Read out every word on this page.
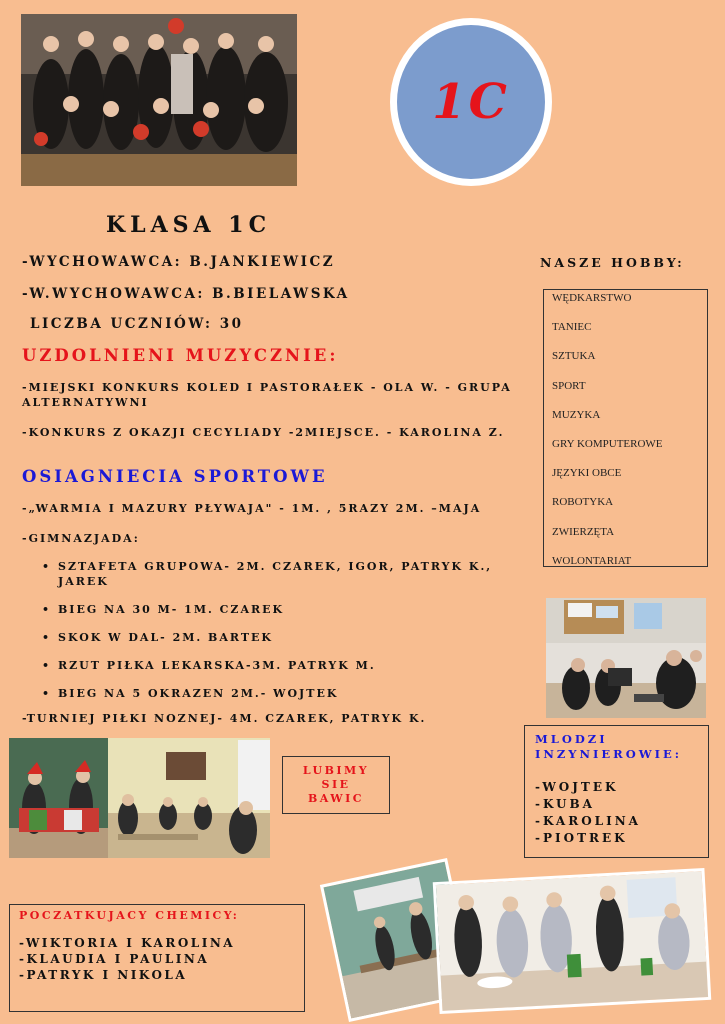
1C
KLASA 1C
-WYCHOWAWCA: B.JANKIEWICZ
-W.WYCHOWAWCA: B.BIELAWSKA
LICZBA UCZNIÓW: 30
UZDOLNIENI MUZYCZNIE:
-MIEJSKI KONKURS KOLED I PASTORAŁEK - OLA W. - GRUPA ALTERNATYWNI
-KONKURS Z OKAZJI CECYLIADY -2MIEJSCE. - KAROLINA Z.
OSIAGNIECIA SPORTOWE
-„WARMIA I MAZURY PŁYWAJA" - 1M. , 5RAZY 2M. –MAJA
-GIMNAZJADA:
• SZTAFETA GRUPOWA- 2M. CZAREK, IGOR, PATRYK K., JAREK
• BIEG NA 30 M- 1M. CZAREK
• SKOK W DAL- 2M. BARTEK
• RZUT PIŁKA LEKARSKA-3M. PATRYK M.
• BIEG NA 5 OKRAZEN 2M.- WOJTEK
-TURNIEJ PIŁKI NOZNEJ- 4M. CZAREK, PATRYK K.
NASZE HOBBY:
WĘDKARSTWO
TANIEC
SZTUKA
SPORT
MUZYKA
GRY KOMPUTEROWE
JĘZYKI OBCE
ROBOTYKA
ZWIERZĘTA
WOLONTARIAT
MLODZI INZYNIEROWIE:
-WOJTEK
-KUBA
-KAROLINA
-PIOTREK
LUBIMY
SIE
BAWIC
POCZATKUJACY CHEMICY:
-WIKTORIA I KAROLINA
-KLAUDIA I PAULINA
-PATRYK I NIKOLA
